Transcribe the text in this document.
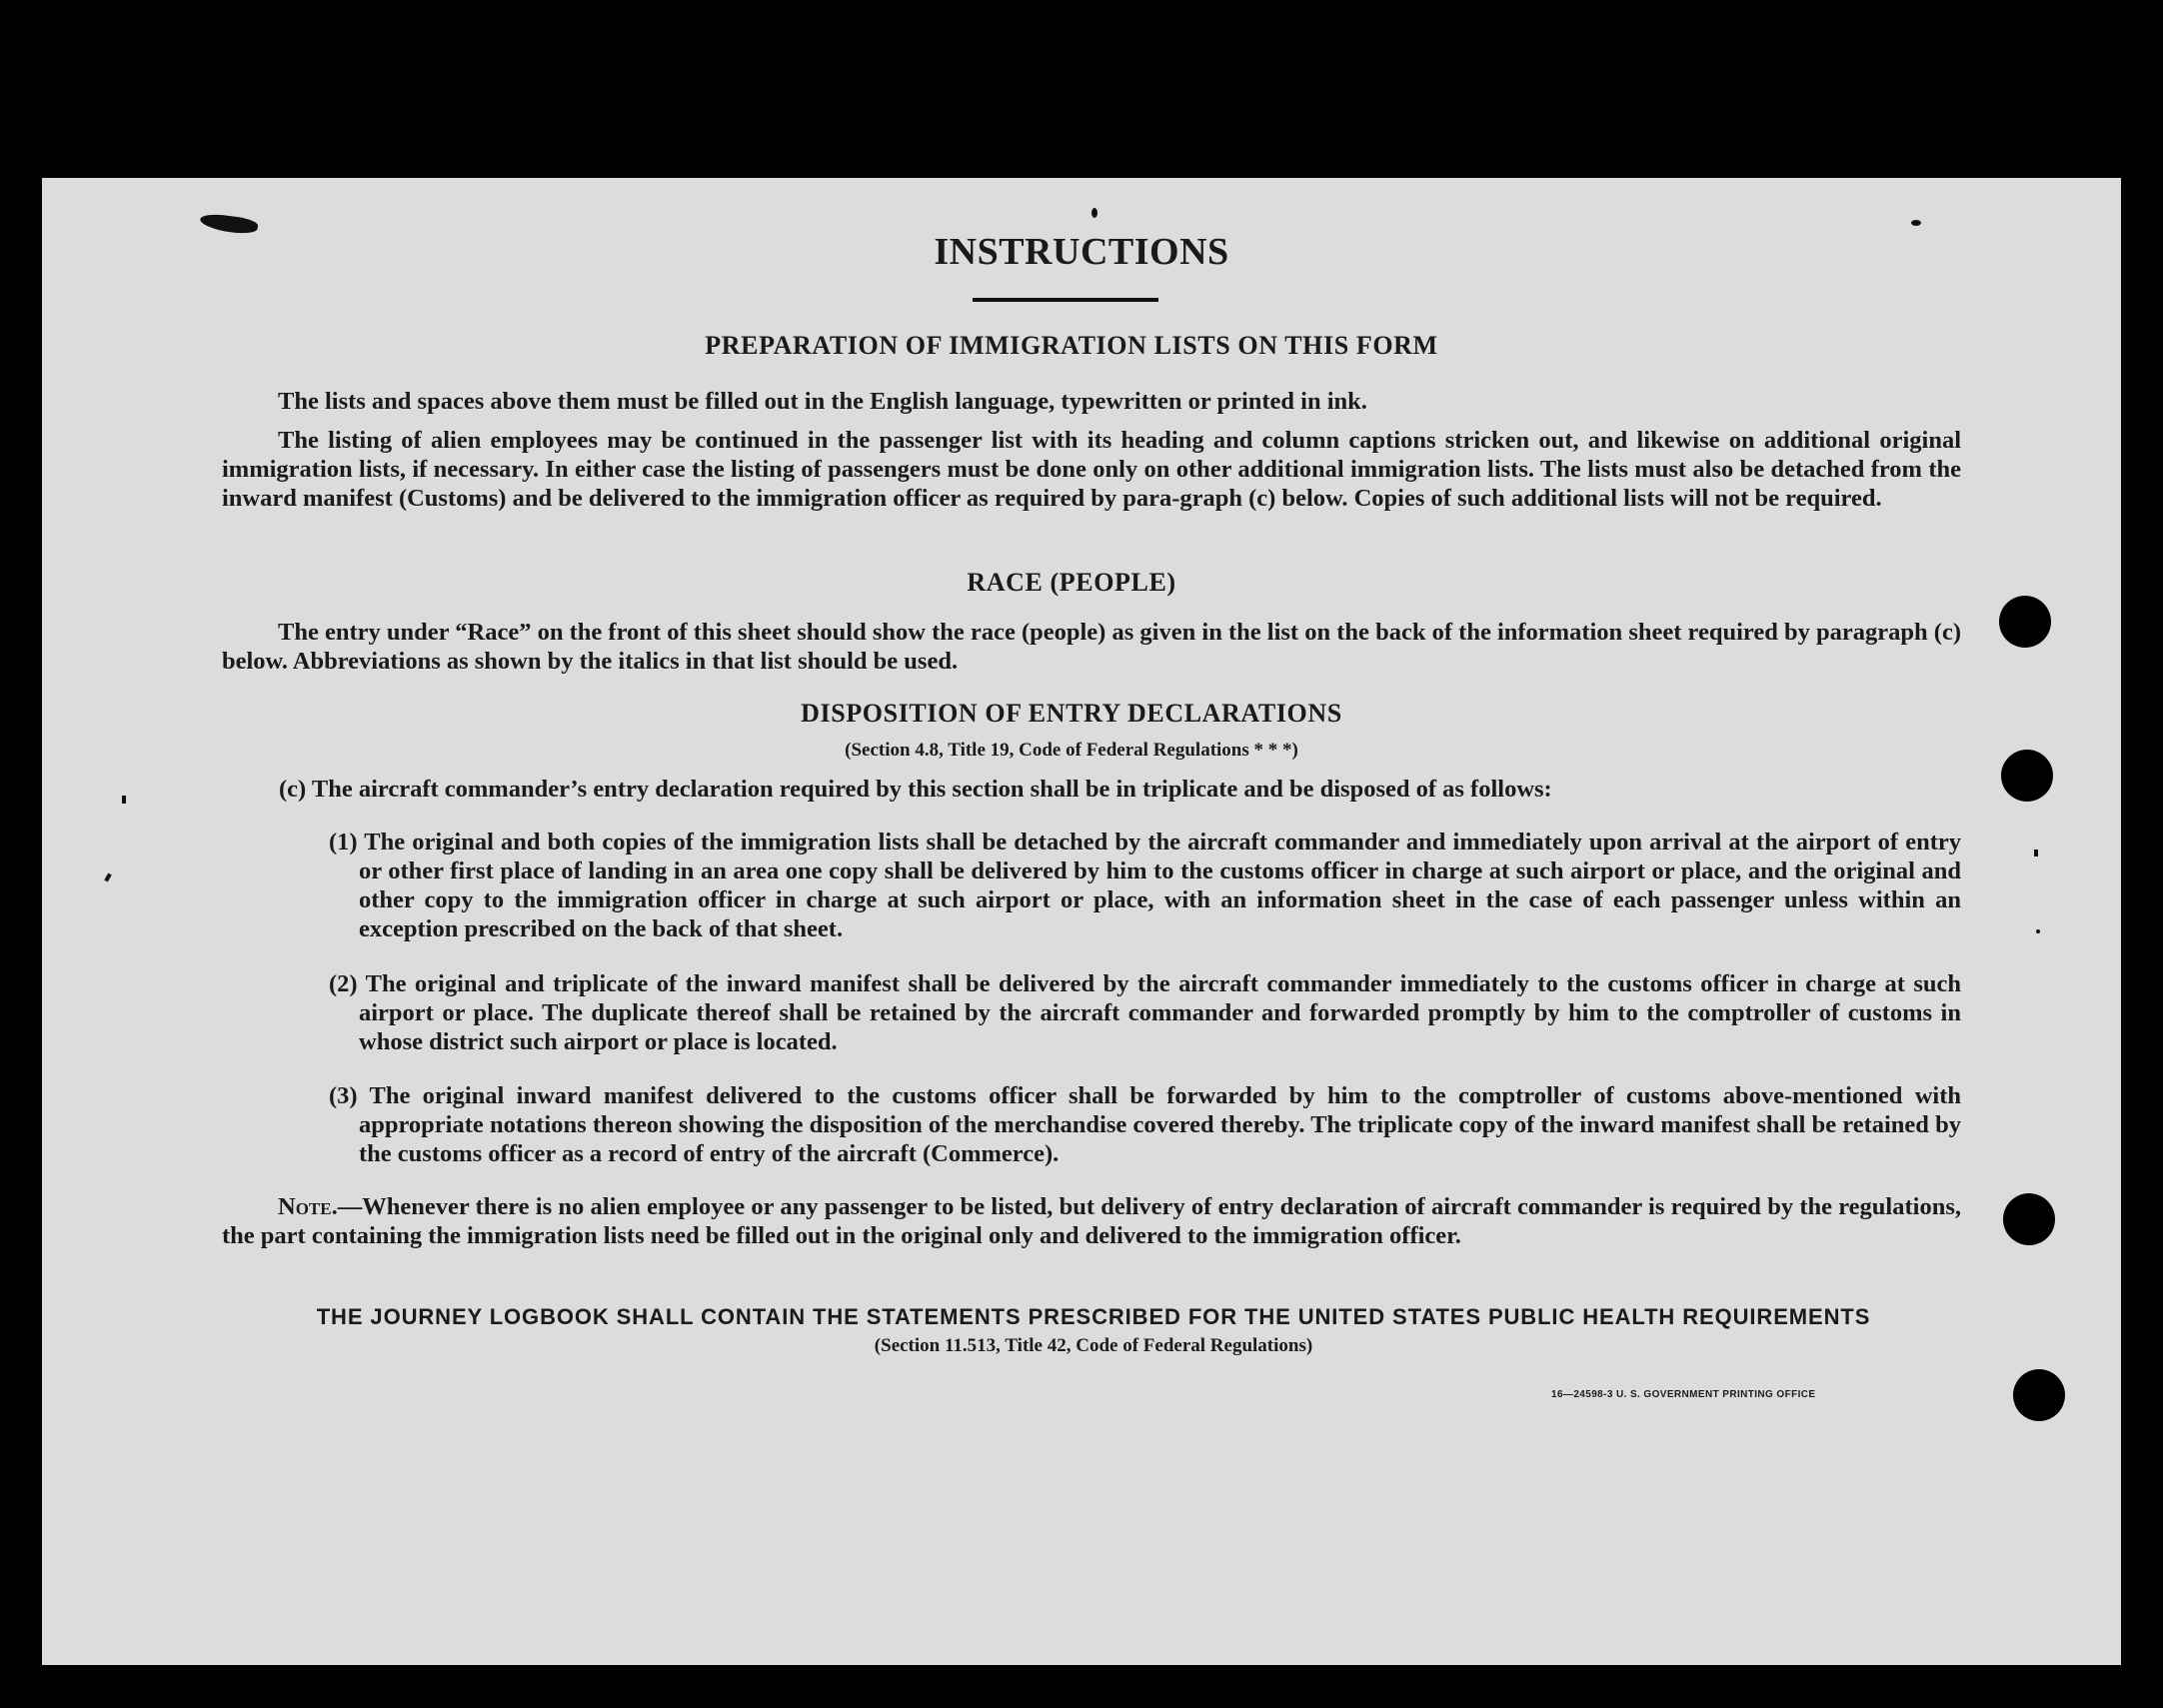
INSTRUCTIONS
PREPARATION OF IMMIGRATION LISTS ON THIS FORM

The lists and spaces above them must be filled out in the English language, typewritten or printed in ink.

The listing of alien employees may be continued in the passenger list with its heading and column captions stricken out, and likewise on additional original immigration lists, if necessary. In either case the listing of passengers must be done only on other additional immigration lists. The lists must also be detached from the inward manifest (Customs) and be delivered to the immigration officer as required by para-graph (c) below. Copies of such additional lists will not be required.

RACE (PEOPLE)

The entry under “Race” on the front of this sheet should show the race (people) as given in the list on the back of the information sheet required by paragraph (c) below. Abbreviations as shown by the italics in that list should be used.

DISPOSITION OF ENTRY DECLARATIONS
(Section 4.8, Title 19, Code of Federal Regulations * * *)

(c) The aircraft commander’s entry declaration required by this section shall be in triplicate and be disposed of as follows:

(1) The original and both copies of the immigration lists shall be detached by the aircraft commander and immediately upon arrival at the airport of entry or other first place of landing in an area one copy shall be delivered by him to the customs officer in charge at such airport or place, and the original and other copy to the immigration officer in charge at such airport or place, with an information sheet in the case of each passenger unless within an exception prescribed on the back of that sheet.
(2) The original and triplicate of the inward manifest shall be delivered by the aircraft commander immediately to the customs officer in charge at such airport or place. The duplicate thereof shall be retained by the aircraft commander and forwarded promptly by him to the comptroller of customs in whose district such airport or place is located.
(3) The original inward manifest delivered to the customs officer shall be forwarded by him to the comptroller of customs above-mentioned with appropriate notations thereon showing the disposition of the merchandise covered thereby. The triplicate copy of the inward manifest shall be retained by the customs officer as a record of entry of the aircraft (Commerce).

Note.—Whenever there is no alien employee or any passenger to be listed, but delivery of entry declaration of aircraft commander is required by the regulations, the part containing the immigration lists need be filled out in the original only and delivered to the immigration officer.

THE JOURNEY LOGBOOK SHALL CONTAIN THE STATEMENTS PRESCRIBED FOR THE UNITED STATES PUBLIC HEALTH REQUIREMENTS
(Section 11.513, Title 42, Code of Federal Regulations)
16—24598-3 U. S. GOVERNMENT PRINTING OFFICE
